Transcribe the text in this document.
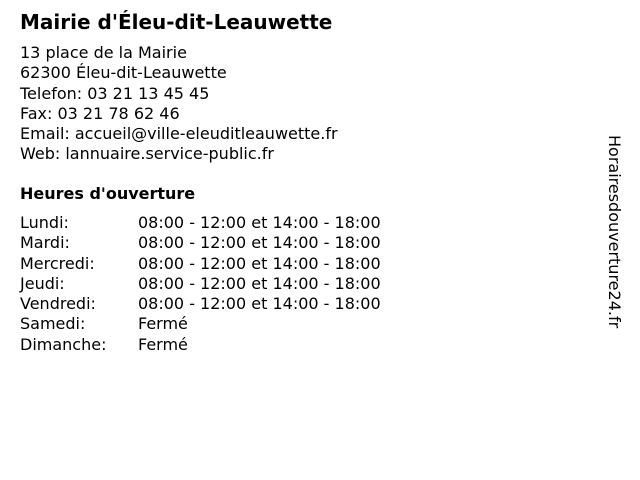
Mairie d'Éleu-dit-Leauwette
13 place de la Mairie
62300 Éleu-dit-Leauwette
Telefon: 03 21 13 45 45
Fax: 03 21 78 62 46
Email: accueil@ville-eleuditleauwette.fr
Web: lannuaire.service-public.fr
Heures d'ouverture
Lundi:	08:00 - 12:00 et 14:00 - 18:00
Mardi:	08:00 - 12:00 et 14:00 - 18:00
Mercredi:	08:00 - 12:00 et 14:00 - 18:00
Jeudi:	08:00 - 12:00 et 14:00 - 18:00
Vendredi:	08:00 - 12:00 et 14:00 - 18:00
Samedi:	Fermé
Dimanche:	Fermé
Horairesdouverture24.fr
